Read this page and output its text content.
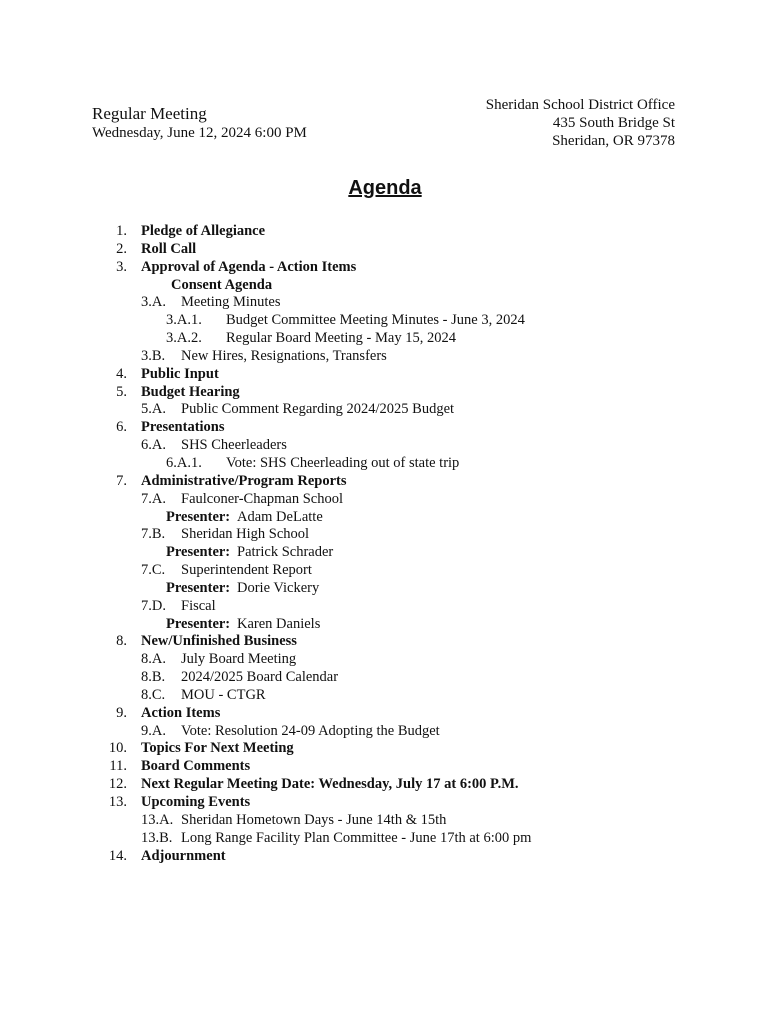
Regular Meeting
Wednesday, June 12, 2024 6:00 PM
Sheridan School District Office
435 South Bridge St
Sheridan, OR 97378
Agenda
1. Pledge of Allegiance
2. Roll Call
3. Approval of Agenda - Action Items
Consent Agenda
3.A. Meeting Minutes
3.A.1. Budget Committee Meeting Minutes - June 3, 2024
3.A.2. Regular Board Meeting - May 15, 2024
3.B. New Hires, Resignations, Transfers
4. Public Input
5. Budget Hearing
5.A. Public Comment Regarding 2024/2025 Budget
6. Presentations
6.A. SHS Cheerleaders
6.A.1. Vote: SHS Cheerleading out of state trip
7. Administrative/Program Reports
7.A. Faulconer-Chapman School
Presenter: Adam DeLatte
7.B. Sheridan High School
Presenter: Patrick Schrader
7.C. Superintendent Report
Presenter: Dorie Vickery
7.D. Fiscal
Presenter: Karen Daniels
8. New/Unfinished Business
8.A. July Board Meeting
8.B. 2024/2025 Board Calendar
8.C. MOU - CTGR
9. Action Items
9.A. Vote: Resolution 24-09 Adopting the Budget
10. Topics For Next Meeting
11. Board Comments
12. Next Regular Meeting Date: Wednesday, July 17 at 6:00 P.M.
13. Upcoming Events
13.A. Sheridan Hometown Days - June 14th & 15th
13.B. Long Range Facility Plan Committee - June 17th at 6:00 pm
14. Adjournment
